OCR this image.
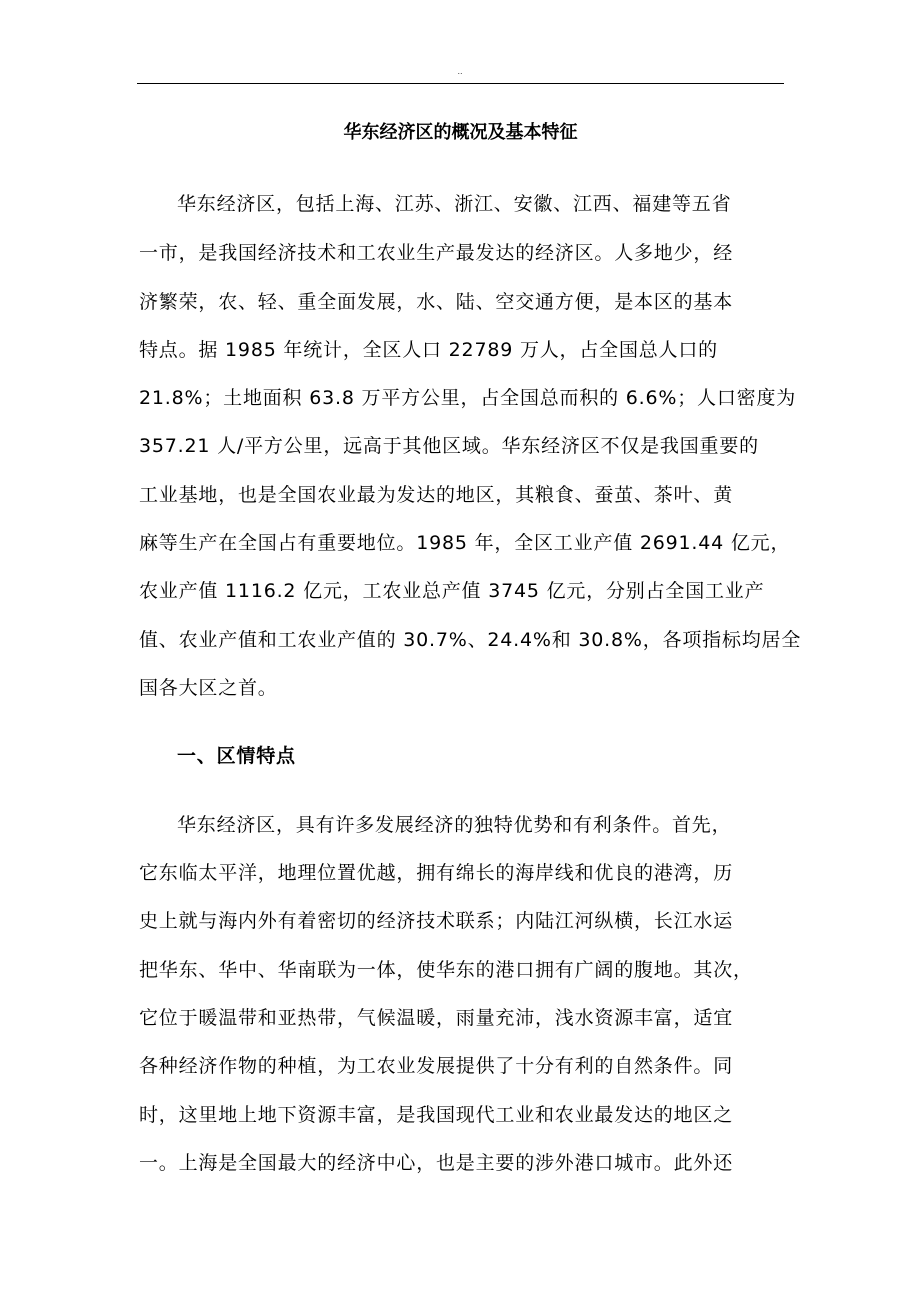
..
华东经济区的概况及基本特征
华东经济区，包括上海、江苏、浙江、安徽、江西、福建等五省
一市，是我国经济技术和工农业生产最发达的经济区。人多地少，经
济繁荣，农、轻、重全面发展，水、陆、空交通方便，是本区的基本
特点。据 1985 年统计，全区人口 22789 万人，占全国总人口的
21.8%；土地面积 63.8 万平方公里，占全国总而积的 6.6%；人口密度为
357.21 人/平方公里，远高于其他区域。华东经济区不仅是我国重要的
工业基地，也是全国农业最为发达的地区，其粮食、蚕茧、茶叶、黄
麻等生产在全国占有重要地位。1985 年，全区工业产值 2691.44 亿元，
农业产值 1116.2 亿元，工农业总产值 3745 亿元，分别占全国工业产
值、农业产值和工农业产值的 30.7%、24.4%和 30.8%，各项指标均居全
国各大区之首。
一、区情特点
华东经济区，具有许多发展经济的独特优势和有利条件。首先，
它东临太平洋，地理位置优越，拥有绵长的海岸线和优良的港湾，历
史上就与海内外有着密切的经济技术联系；内陆江河纵横，长江水运
把华东、华中、华南联为一体，使华东的港口拥有广阔的腹地。其次，
它位于暖温带和亚热带，气候温暖，雨量充沛，浅水资源丰富，适宜
各种经济作物的种植，为工农业发展提供了十分有利的自然条件。同
时，这里地上地下资源丰富，是我国现代工业和农业最发达的地区之
一。上海是全国最大的经济中心，也是主要的涉外港口城市。此外还
